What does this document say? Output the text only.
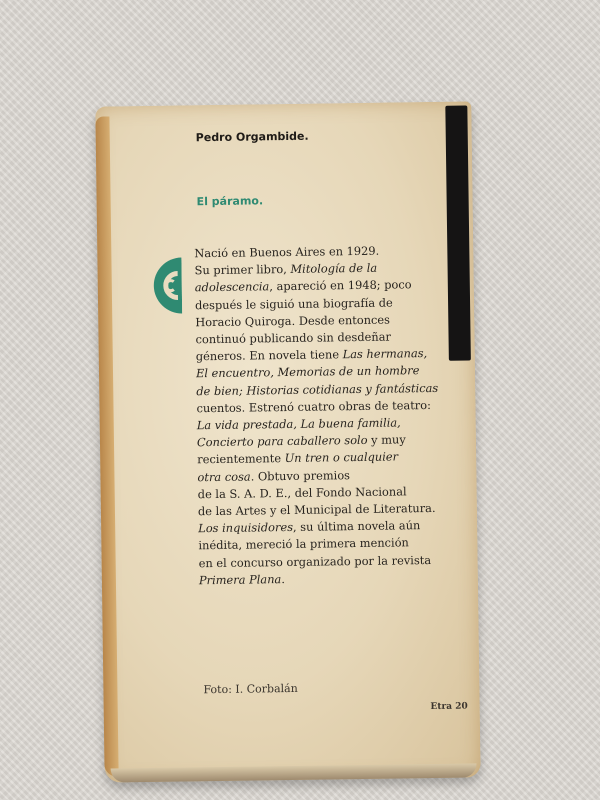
Pedro Orgambide.
El páramo.
Nació en Buenos Aires en 1929.
Su primer libro, Mitología de la
adolescencia, apareció en 1948; poco
después le siguió una biografía de
Horacio Quiroga. Desde entonces
continuó publicando sin desdeñar
géneros. En novela tiene Las hermanas,
El encuentro, Memorias de un hombre
de bien; Historias cotidianas y fantásticas
cuentos. Estrenó cuatro obras de teatro:
La vida prestada, La buena familia,
Concierto para caballero solo y muy
recientemente Un tren o cualquier
otra cosa. Obtuvo premios
de la S. A. D. E., del Fondo Nacional
de las Artes y el Municipal de Literatura.
Los inquisidores, su última novela aún
inédita, mereció la primera mención
en el concurso organizado por la revista
Primera Plana.
Foto: I. Corbalán
Etra 20
